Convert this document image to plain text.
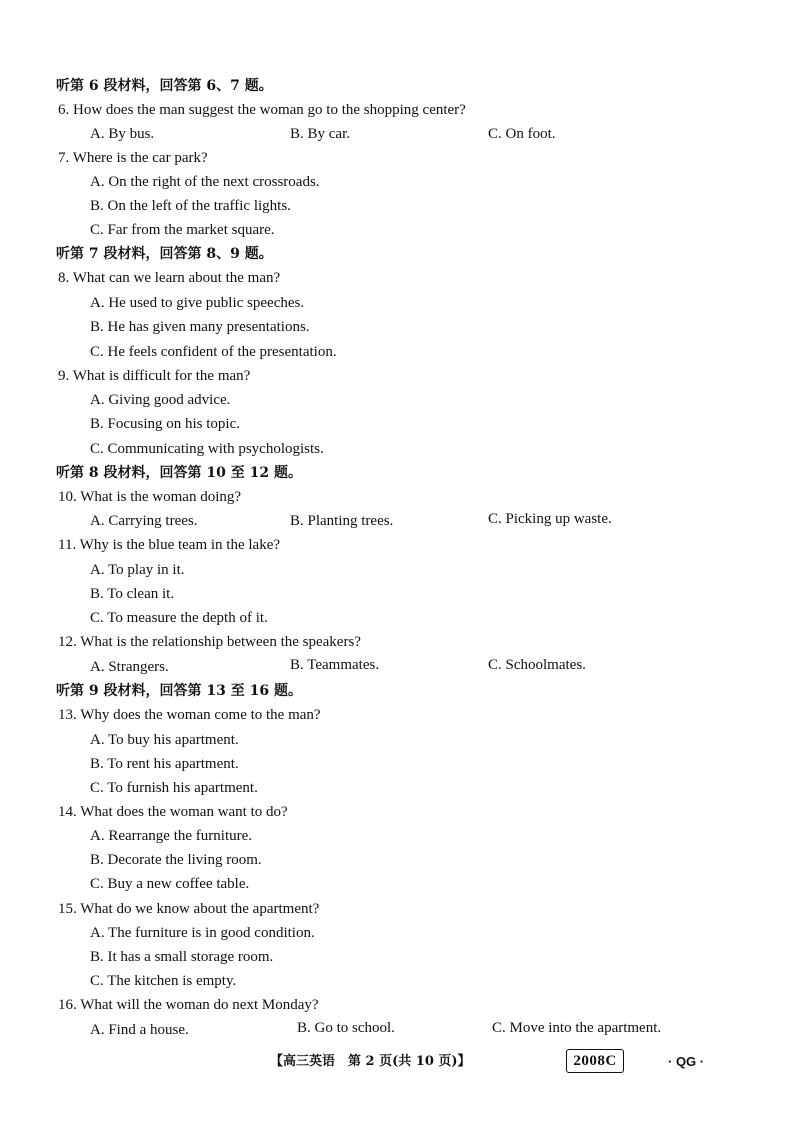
听第 6 段材料，回答第 6、7 题。
6. How does the man suggest the woman go to the shopping center?
A. By bus.	B. By car.	C. On foot.
7. Where is the car park?
A. On the right of the next crossroads.
B. On the left of the traffic lights.
C. Far from the market square.
听第 7 段材料，回答第 8、9 题。
8. What can we learn about the man?
A. He used to give public speeches.
B. He has given many presentations.
C. He feels confident of the presentation.
9. What is difficult for the man?
A. Giving good advice.
B. Focusing on his topic.
C. Communicating with psychologists.
听第 8 段材料，回答第 10 至 12 题。
10. What is the woman doing?
A. Carrying trees.	B. Planting trees.	C. Picking up waste.
11. Why is the blue team in the lake?
A. To play in it.
B. To clean it.
C. To measure the depth of it.
12. What is the relationship between the speakers?
A. Strangers.	B. Teammates.	C. Schoolmates.
听第 9 段材料，回答第 13 至 16 题。
13. Why does the woman come to the man?
A. To buy his apartment.
B. To rent his apartment.
C. To furnish his apartment.
14. What does the woman want to do?
A. Rearrange the furniture.
B. Decorate the living room.
C. Buy a new coffee table.
15. What do we know about the apartment?
A. The furniture is in good condition.
B. It has a small storage room.
C. The kitchen is empty.
16. What will the woman do next Monday?
A. Find a house.	B. Go to school.	C. Move into the apartment.
【高三英语　第 2 页(共 10 页)】	2008C	· QG ·
